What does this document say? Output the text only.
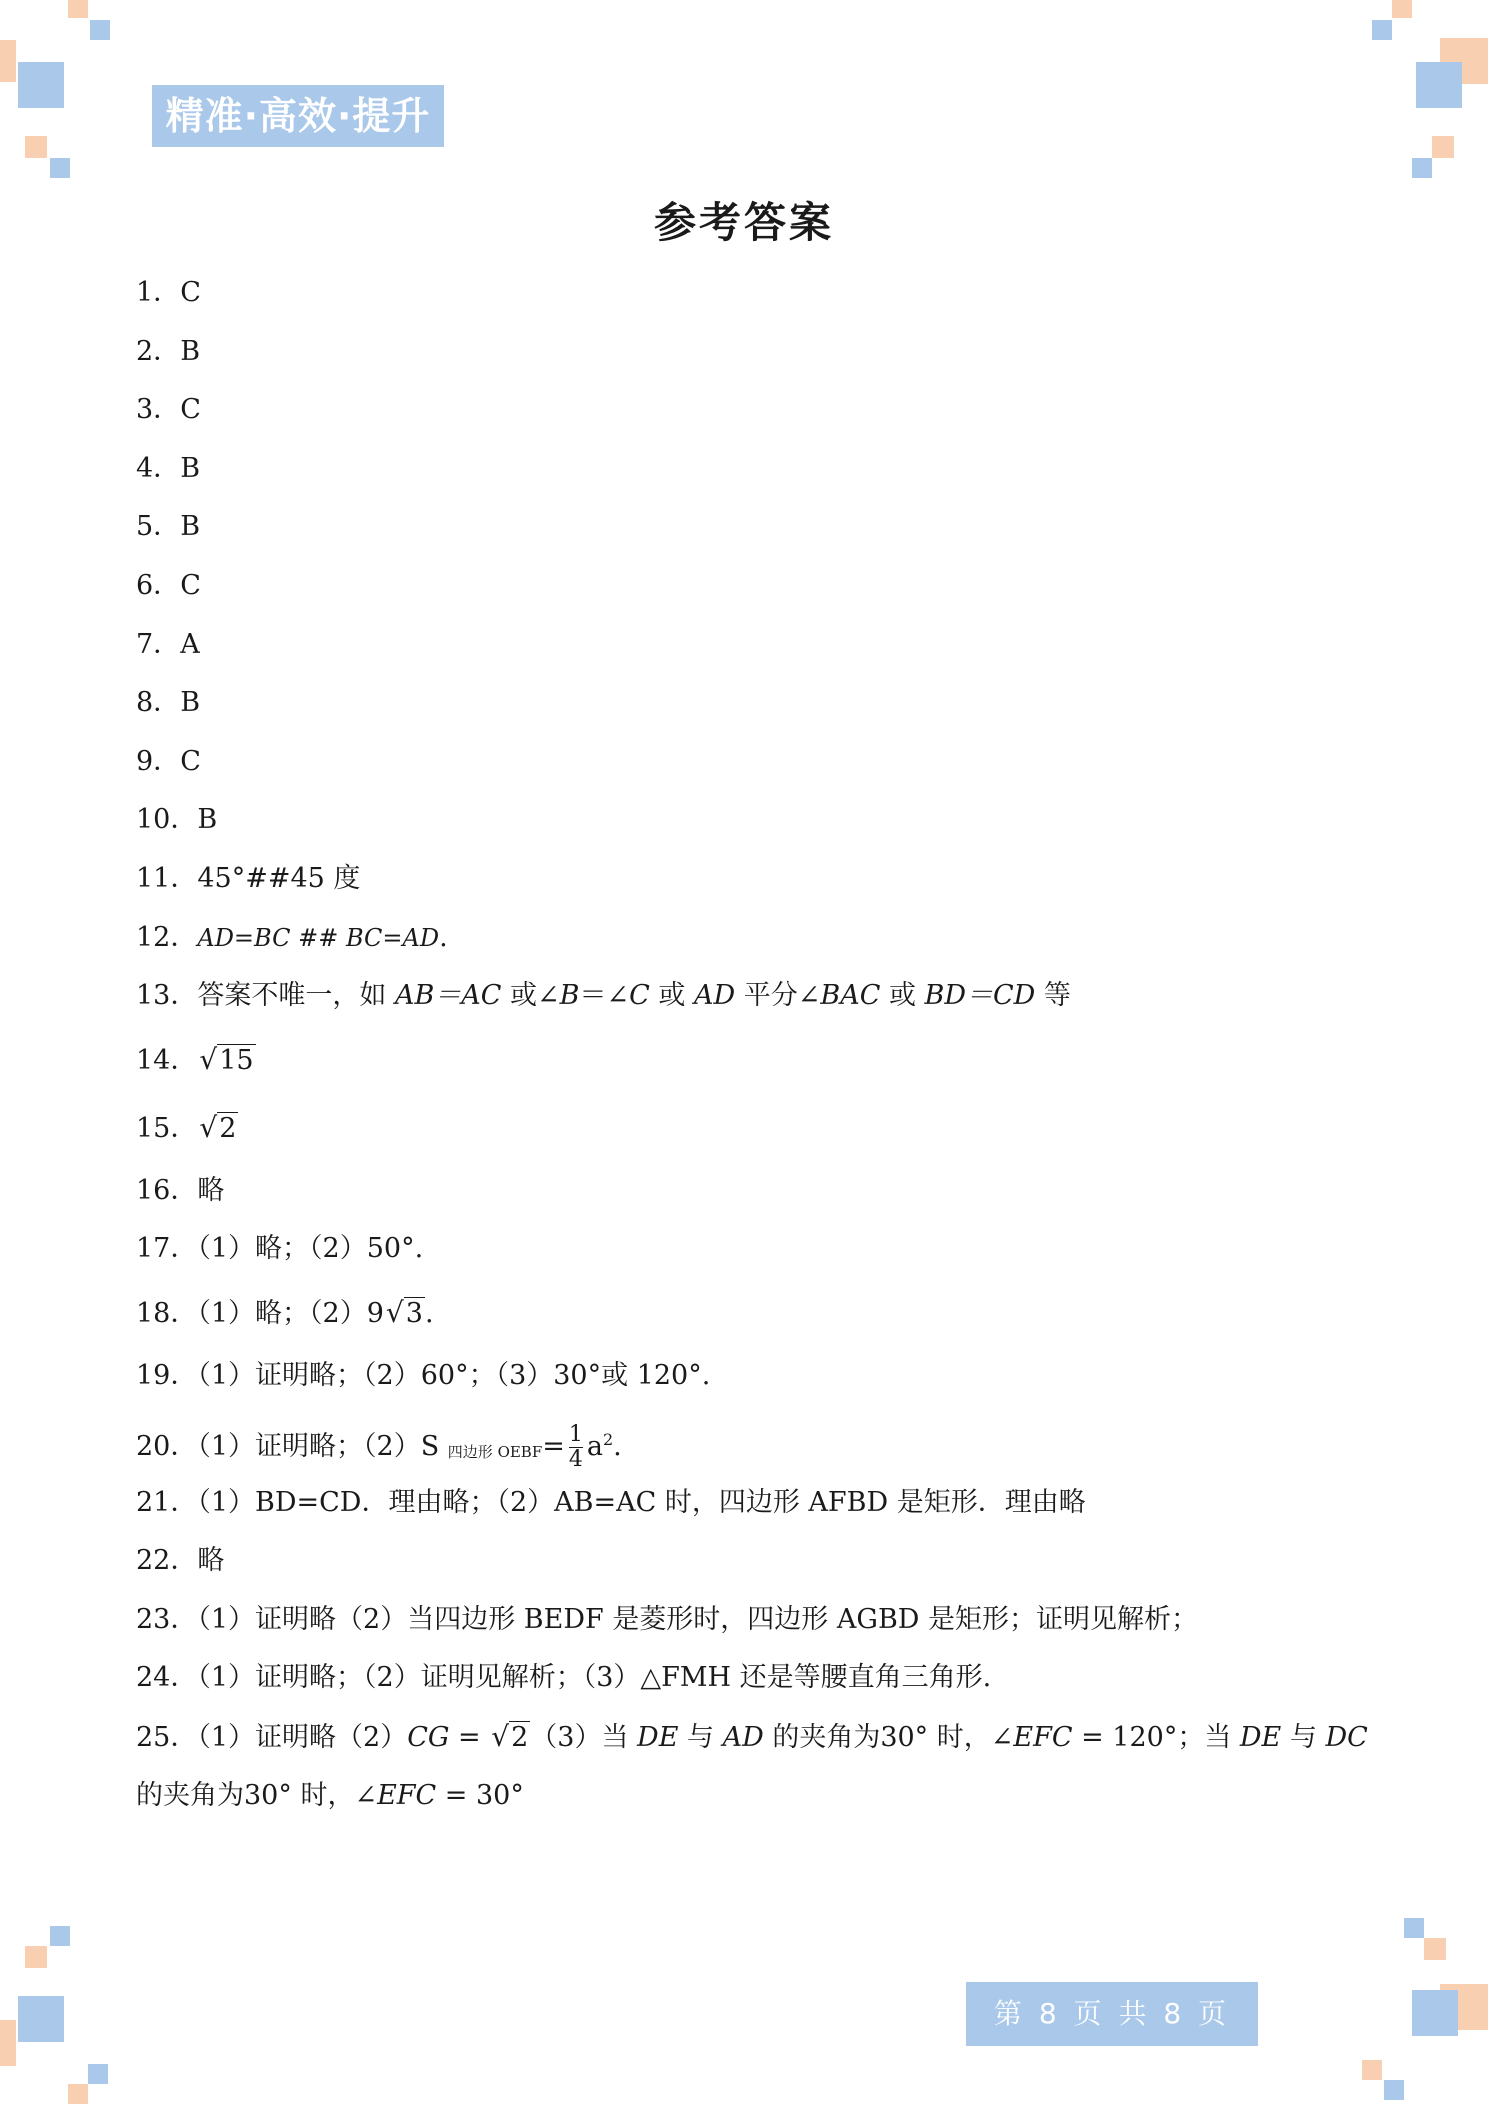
精准·高效·提升
参考答案
1．C
2．B
3．C
4．B
5．B
6．C
7．A
8．B
9．C
10．B
11．45°##45 度
12．AD=BC ## BC=AD.
13．答案不唯一，如 AB＝AC 或∠B＝∠C 或 AD 平分∠BAC 或 BD＝CD 等
14．√15
15．√2
16．略
17．（1）略；（2）50°.
18．（1）略；（2）9√3.
19．（1）证明略；（2）60°；（3）30°或 120°.
20．（1）证明略；（2）S 四边形 OEBF= $\frac{1}{4} a^2$.
21．（1）BD=CD．理由略；（2）AB=AC 时，四边形 AFBD 是矩形．理由略
22．略
23．（1）证明略（2）当四边形 BEDF 是菱形时，四边形 AGBD 是矩形；证明见解析；
24．（1）证明略；（2）证明见解析；（3）△FMH 还是等腰直角三角形.
25．（1）证明略（2）CG = √2（3）当 DE 与 AD 的夹角为30° 时，∠EFC = 120°；当 DE 与 DC 的夹角为30° 时，∠EFC = 30°
第 8 页 共 8 页
